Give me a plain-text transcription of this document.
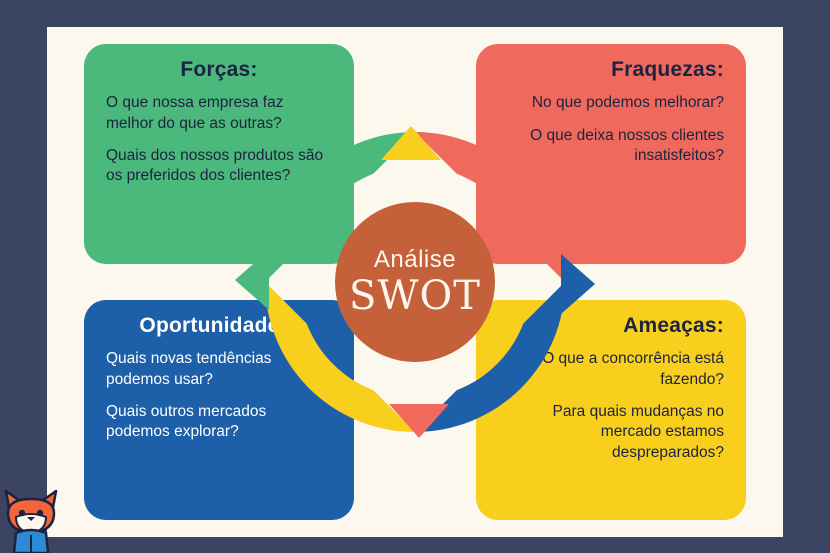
Forças:

O que nossa empresa faz melhor do que as outras?

Quais dos nossos produtos são os preferidos dos clientes?

Fraquezas:

No que podemos melhorar?

O que deixa nossos clientes insatisfeitos?

Oportunidades:

Quais novas tendências podemos usar?

Quais outros mercados podemos explorar?

Ameaças:

O que a concorrência está fazendo?

Para quais mudanças no mercado estamos despreparados?

Análise
SWOT
